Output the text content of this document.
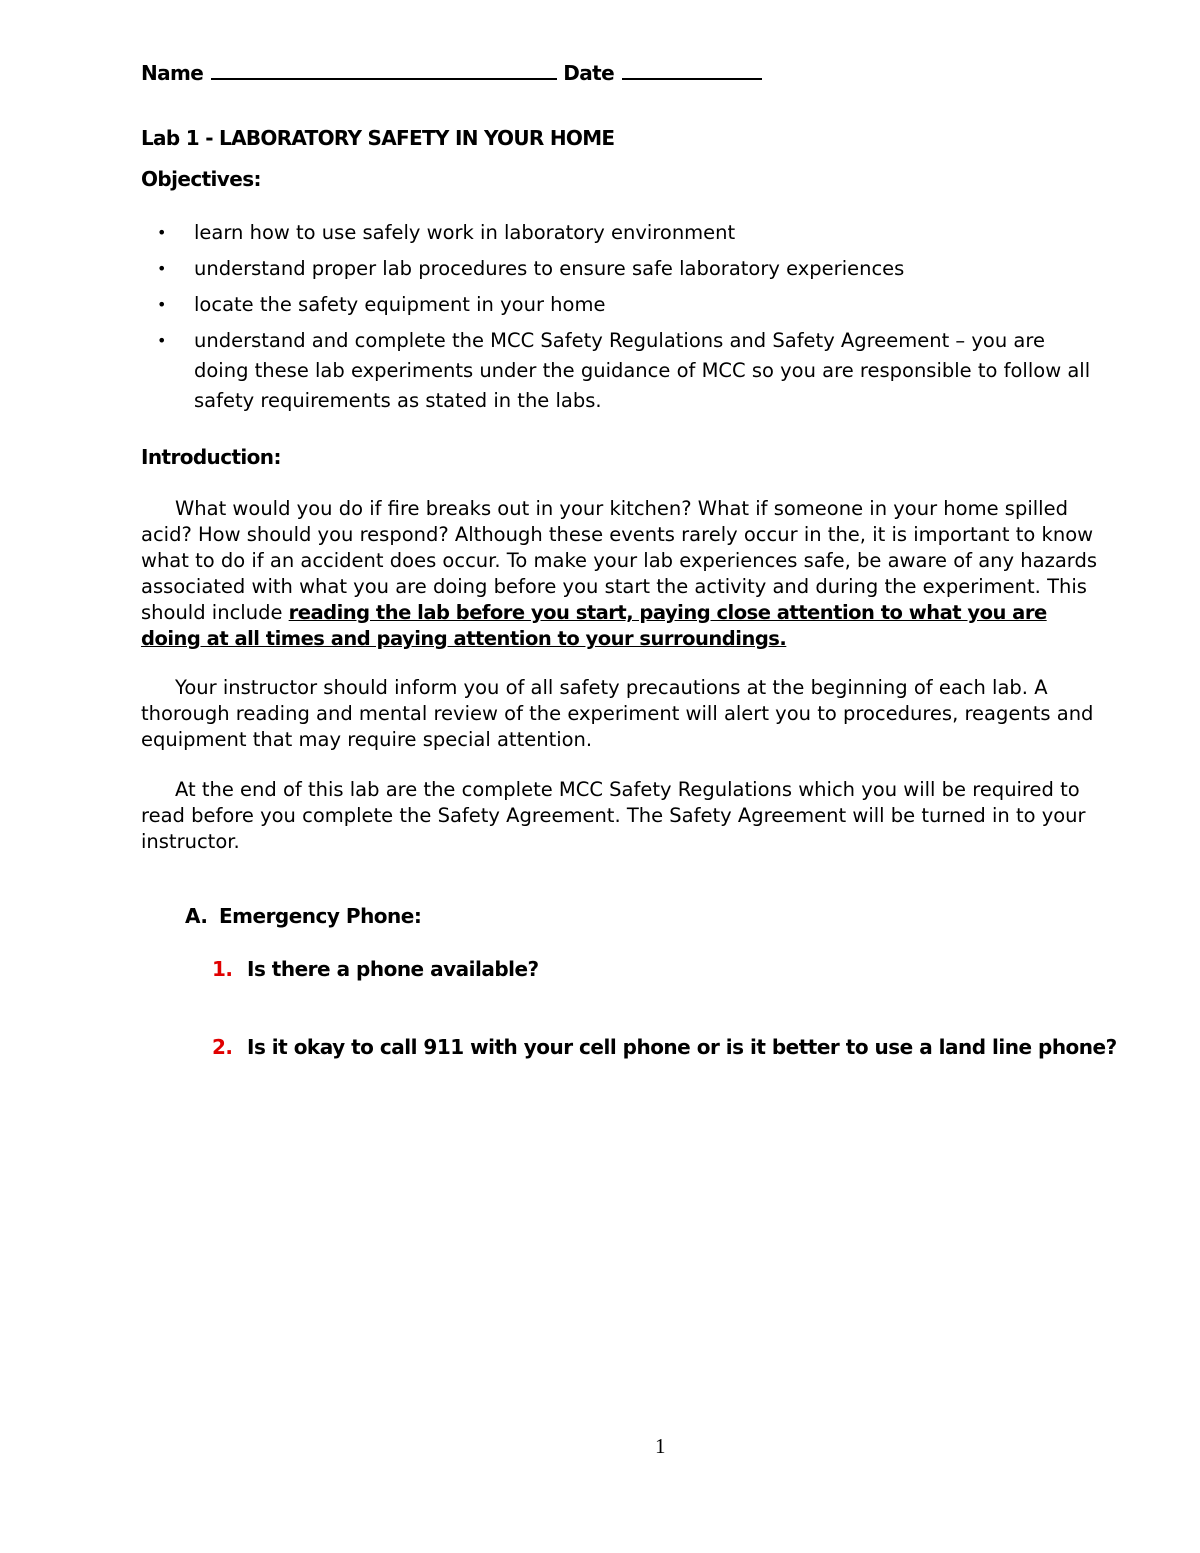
Name	Date
Lab 1 - LABORATORY SAFETY IN YOUR HOME
Objectives:
• learn how to use safely work in laboratory environment
• understand proper lab procedures to ensure safe laboratory experiences
• locate the safety equipment in your home
• understand and complete the MCC Safety Regulations and Safety Agreement – you are doing these lab experiments under the guidance of MCC so you are responsible to follow all safety requirements as stated in the labs.
Introduction:

What would you do if fire breaks out in your kitchen? What if someone in your home spilled acid? How should you respond? Although these events rarely occur in the, it is important to know what to do if an accident does occur. To make your lab experiences safe, be aware of any hazards associated with what you are doing before you start the activity and during the experiment. This should include reading the lab before you start, paying close attention to what you are doing at all times and paying attention to your surroundings.

Your instructor should inform you of all safety precautions at the beginning of each lab. A thorough reading and mental review of the experiment will alert you to procedures, reagents and equipment that may require special attention.

At the end of this lab are the complete MCC Safety Regulations which you will be required to read before you complete the Safety Agreement. The Safety Agreement will be turned in to your instructor.

A. Emergency Phone:
1. Is there a phone available?
2. Is it okay to call 911 with your cell phone or is it better to use a land line phone?
1
